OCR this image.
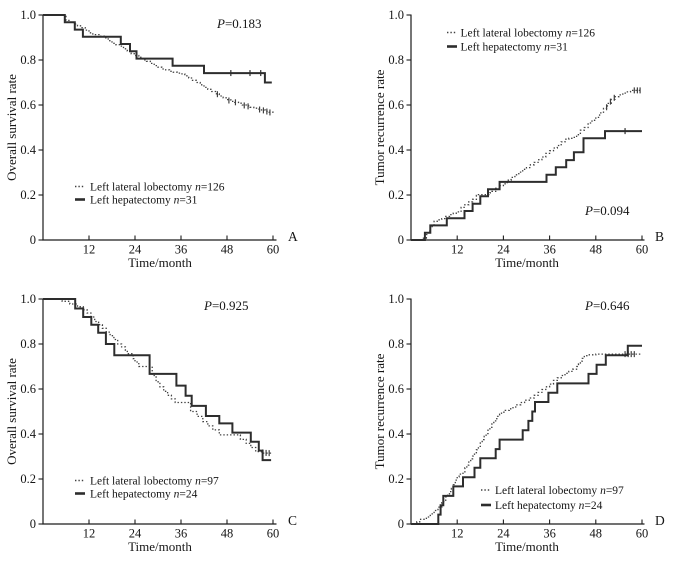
0
0.2
0.4
0.6
0.8
1.0
12	24	36	48	60
Time/month
Overall survival rate
P=0.183
A
Left lateral lobectomy n=126
Left hepatectomy n=31
0
0.2
0.4
0.6
0.8
1.0
12	24	36	48	60
Time/month
Tumor recurrence rate
P=0.094
B
Left lateral lobectomy n=126
Left hepatectomy n=31
0
0.2
0.4
0.6
0.8
1.0
12	24	36	48	60
Time/month
Overall survival rate
P=0.925
C
Left lateral lobectomy n=97
Left hepatectomy n=24
0
0.2
0.4
0.6
0.8
1.0
12	24	36	48	60
Time/month
Tumor recurrence rate
P=0.646
D
Left lateral lobectomy n=97
Left hepatectomy n=24
